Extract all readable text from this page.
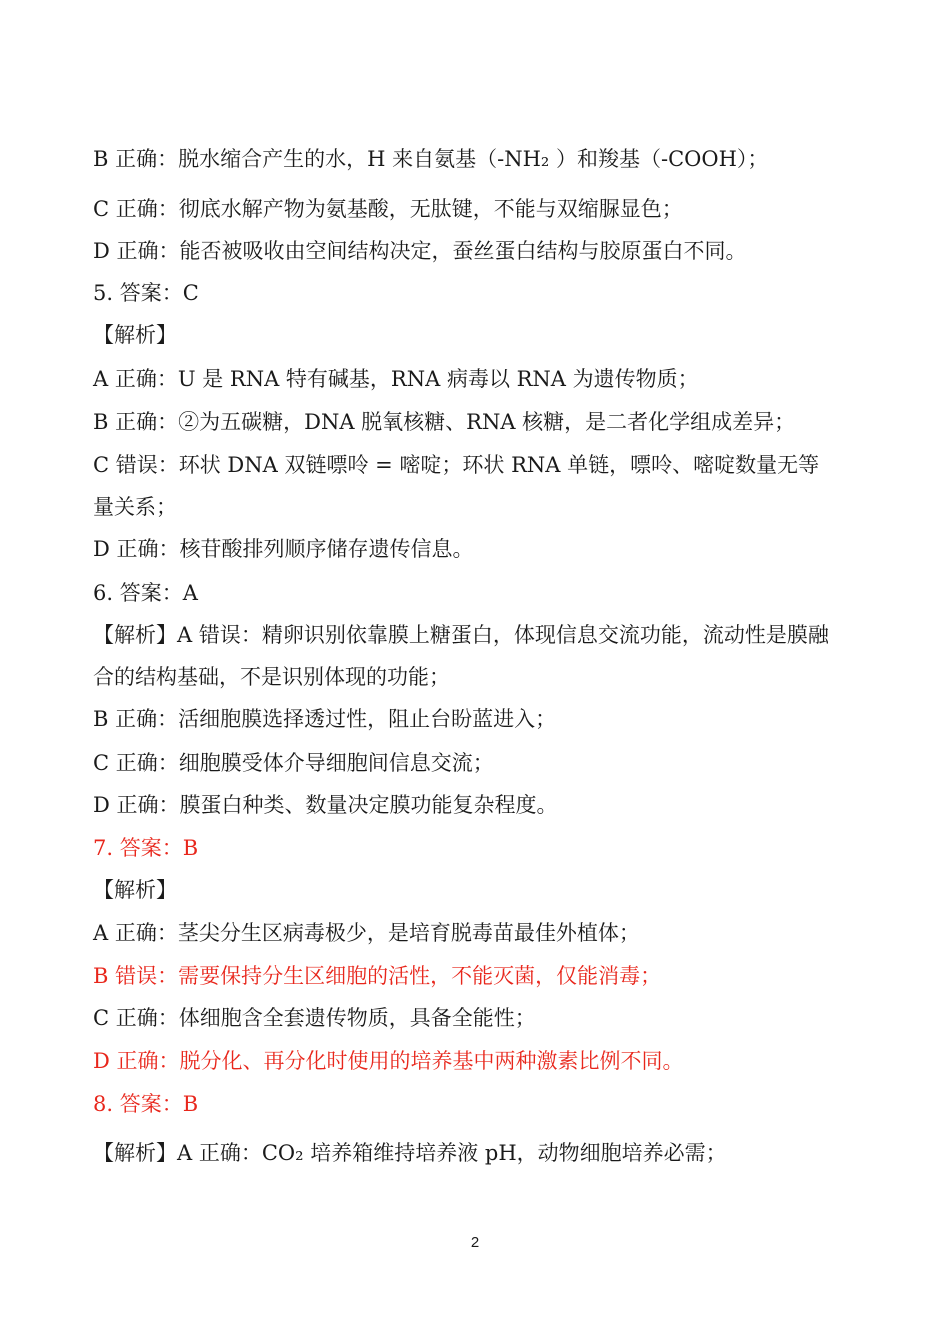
B 正确：脱水缩合产生的水，H 来自氨基（-NH₂ ）和羧基（-COOH）；
C 正确：彻底水解产物为氨基酸，无肽键，不能与双缩脲显色；
D 正确：能否被吸收由空间结构决定，蚕丝蛋白结构与胶原蛋白不同。
5. 答案：C
【解析】
A 正确：U 是 RNA 特有碱基，RNA 病毒以 RNA 为遗传物质；
B 正确：②为五碳糖，DNA 脱氧核糖、RNA 核糖，是二者化学组成差异；
C 错误：环状 DNA 双链嘌呤 = 嘧啶；环状 RNA 单链，嘌呤、嘧啶数量无等
量关系；
D 正确：核苷酸排列顺序储存遗传信息。
6. 答案：A
【解析】A 错误：精卵识别依靠膜上糖蛋白，体现信息交流功能，流动性是膜融
合的结构基础，不是识别体现的功能；
B 正确：活细胞膜选择透过性，阻止台盼蓝进入；
C 正确：细胞膜受体介导细胞间信息交流；
D 正确：膜蛋白种类、数量决定膜功能复杂程度。
7. 答案：B
【解析】
A 正确：茎尖分生区病毒极少，是培育脱毒苗最佳外植体；
B 错误：需要保持分生区细胞的活性，不能灭菌，仅能消毒；
C 正确：体细胞含全套遗传物质，具备全能性；
D 正确：脱分化、再分化时使用的培养基中两种激素比例不同。
8. 答案：B
【解析】A 正确：CO₂ 培养箱维持培养液 pH，动物细胞培养必需；
2
